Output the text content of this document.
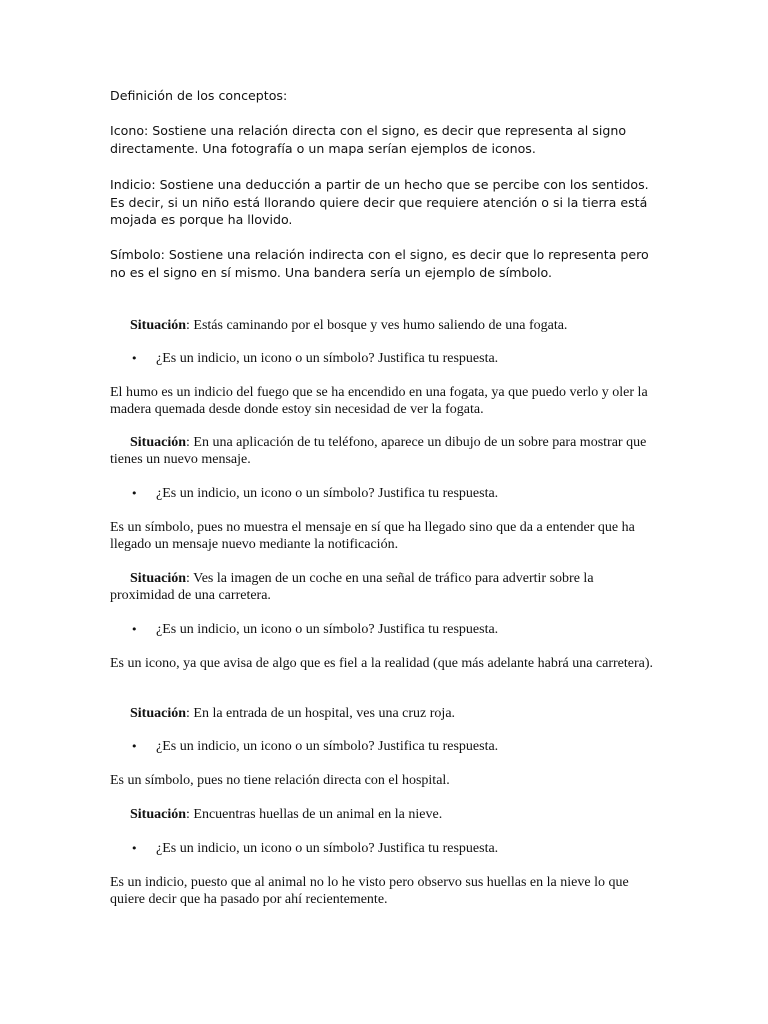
Definición de los conceptos:

Icono: Sostiene una relación directa con el signo, es decir que representa al signo directamente. Una fotografía o un mapa serían ejemplos de iconos.

Indicio: Sostiene una deducción a partir de un hecho que se percibe con los sentidos. Es decir, si un niño está llorando quiere decir que requiere atención o si la tierra está mojada es porque ha llovido.

Símbolo: Sostiene una relación indirecta con el signo, es decir que lo representa pero no es el signo en sí mismo. Una bandera sería un ejemplo de símbolo.

Situación: Estás caminando por el bosque y ves humo saliendo de una fogata.

• ¿Es un indicio, un icono o un símbolo? Justifica tu respuesta.

El humo es un indicio del fuego que se ha encendido en una fogata, ya que puedo verlo y oler la madera quemada desde donde estoy sin necesidad de ver la fogata.

Situación: En una aplicación de tu teléfono, aparece un dibujo de un sobre para mostrar que tienes un nuevo mensaje.

• ¿Es un indicio, un icono o un símbolo? Justifica tu respuesta.

Es un símbolo, pues no muestra el mensaje en sí que ha llegado sino que da a entender que ha llegado un mensaje nuevo mediante la notificación.

Situación: Ves la imagen de un coche en una señal de tráfico para advertir sobre la proximidad de una carretera.

• ¿Es un indicio, un icono o un símbolo? Justifica tu respuesta.

Es un icono, ya que avisa de algo que es fiel a la realidad (que más adelante habrá una carretera).

Situación: En la entrada de un hospital, ves una cruz roja.

• ¿Es un indicio, un icono o un símbolo? Justifica tu respuesta.

Es un símbolo, pues no tiene relación directa con el hospital.

Situación: Encuentras huellas de un animal en la nieve.

• ¿Es un indicio, un icono o un símbolo? Justifica tu respuesta.

Es un indicio, puesto que al animal no lo he visto pero observo sus huellas en la nieve lo que quiere decir que ha pasado por ahí recientemente.
